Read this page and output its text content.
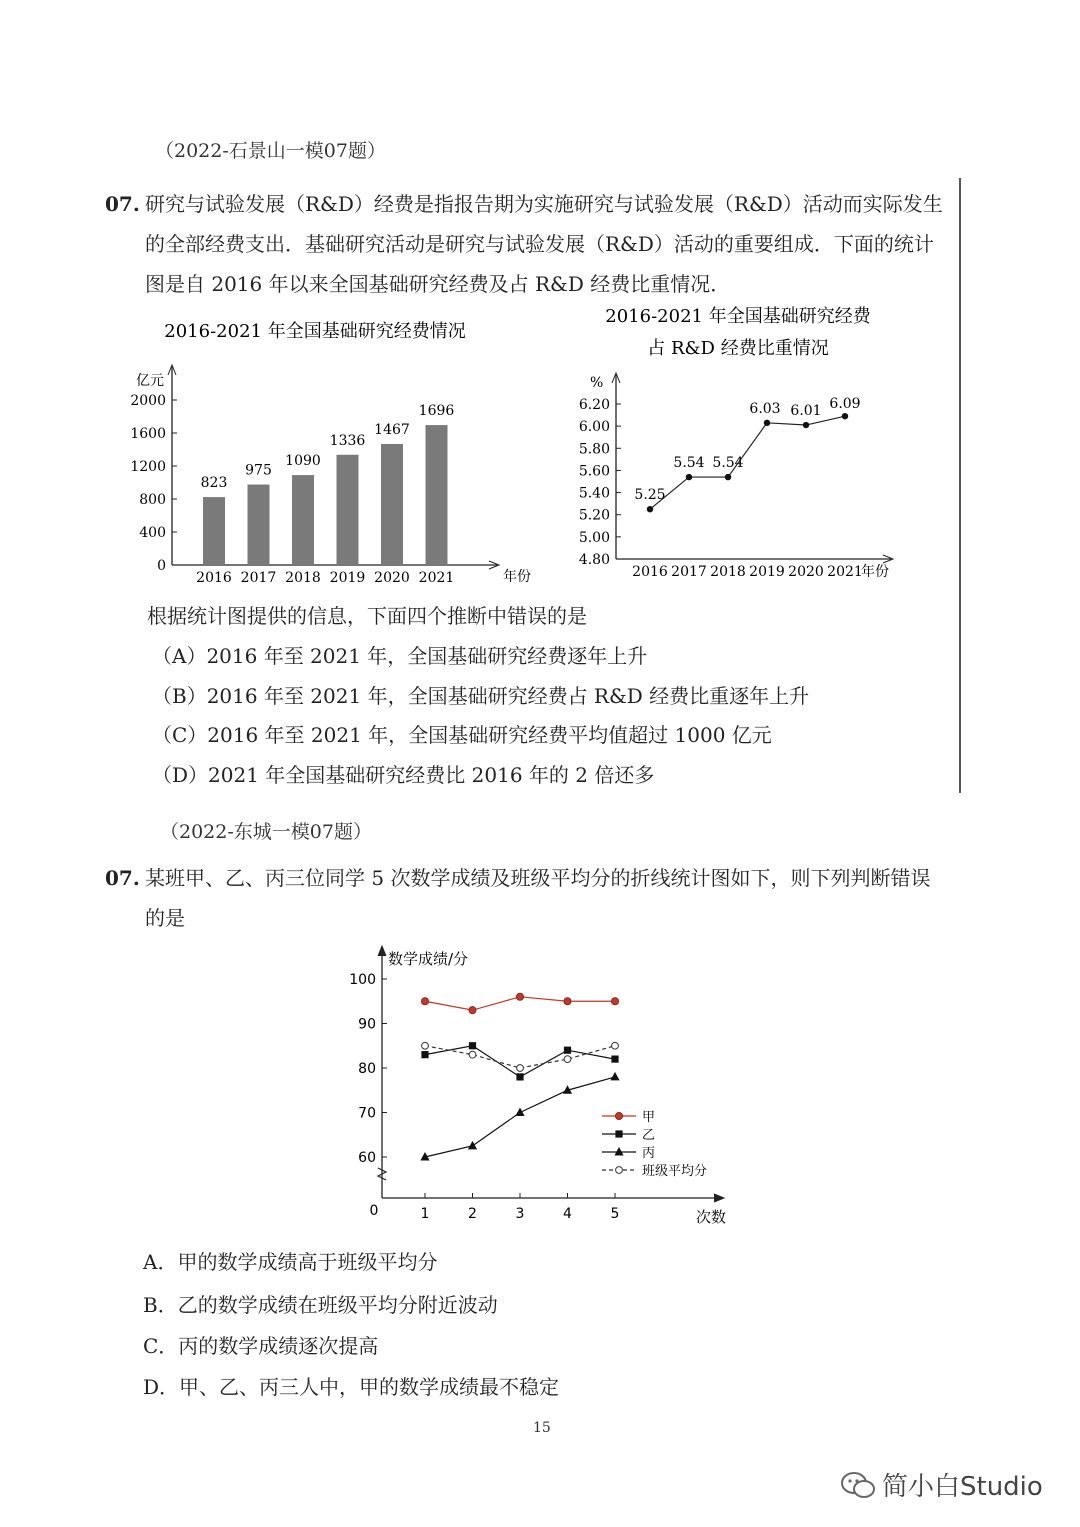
（2022-石景山一模07题）
07. 研究与试验发展（R&D）经费是指报告期为实施研究与试验发展（R&D）活动而实际发生
的全部经费支出．基础研究活动是研究与试验发展（R&D）活动的重要组成．下面的统计
图是自 2016 年以来全国基础研究经费及占 R&D 经费比重情况．
2016-2021 年全国基础研究经费情况
亿元
年份
0
400
800
1200
1600
2000
823
2016
975
2017
1090
2018
1336
2019
1467
2020
1696
2021
2016-2021 年全国基础研究经费
占 R&D 经费比重情况
%
年份
4.80
5.00
5.20
5.40
5.60
5.80
6.00
6.20
5.25
2016
5.54
2017
5.54
2018
6.03
2019
6.01
2020
6.09
2021
根据统计图提供的信息，下面四个推断中错误的是
（A）2016 年至 2021 年，全国基础研究经费逐年上升
（B）2016 年至 2021 年，全国基础研究经费占 R&D 经费比重逐年上升
（C）2016 年至 2021 年，全国基础研究经费平均值超过 1000 亿元
（D）2021 年全国基础研究经费比 2016 年的 2 倍还多
（2022-东城一模07题）
07. 某班甲、乙、丙三位同学 5 次数学成绩及班级平均分的折线统计图如下，则下列判断错误
的是
数学成绩/分
次数
0
60
70
80
90
100
1	2	3	4	5
甲
乙
丙
班级平均分
A．甲的数学成绩高于班级平均分
B．乙的数学成绩在班级平均分附近波动
C．丙的数学成绩逐次提高
D．甲、乙、丙三人中，甲的数学成绩最不稳定
15
简小白Studio
